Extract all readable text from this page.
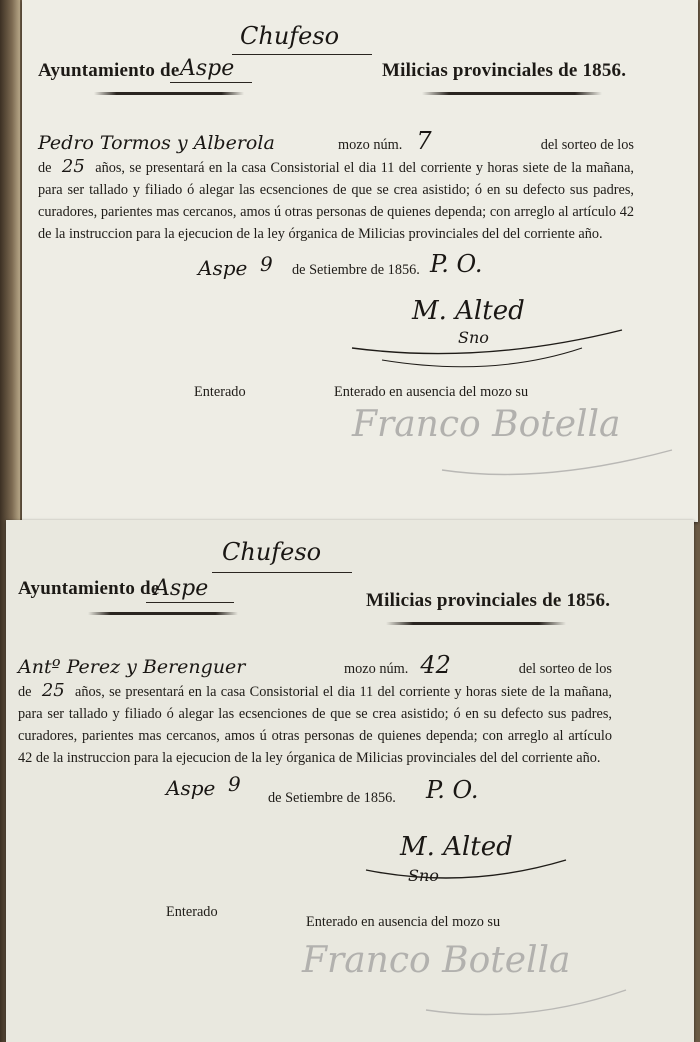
Chufeso
Ayuntamiento de Aspe	Milicias provinciales de 1856.
Pedro Tormos y Alberola	mozo núm. 7	del sorteo de los

de 25 años, se presentará en la casa Consistorial el dia 11 del corriente y horas siete de la mañana, para ser tallado y filiado ó alegar las ecsenciones de que se crea asistido; ó en su defecto sus padres, curadores, parientes mas cercanos, amos ú otras personas de quienes dependa; con arreglo al artículo 42 de la instruccion para la ejecucion de la ley órganica de Milicias provinciales del del corriente año.

Aspe 9 de Setiembre de 1856. P. O.
M. Alted
Sno
Enterado	Enterado en ausencia del mozo su
Franco Botella
Chufeso
Ayuntamiento de
Aspe	Milicias provinciales de 1856.
Antº Perez y Berenguer	mozo núm. 42	del sorteo de los

de 25 años, se presentará en la casa Consistorial el dia 11 del corriente y horas siete de la mañana, para ser tallado y filiado ó alegar las ecsenciones de que se crea asistido; ó en su defecto sus padres, curadores, parientes mas cercanos, amos ú otras personas de quienes dependa; con arreglo al artículo 42 de la instruccion para la ejecucion de la ley órganica de Milicias provinciales del del corriente año.

Aspe 9
de Setiembre de 1856. P. O.
M. Alted
Sno
Enterado
Enterado en ausencia del mozo su
Franco Botella
